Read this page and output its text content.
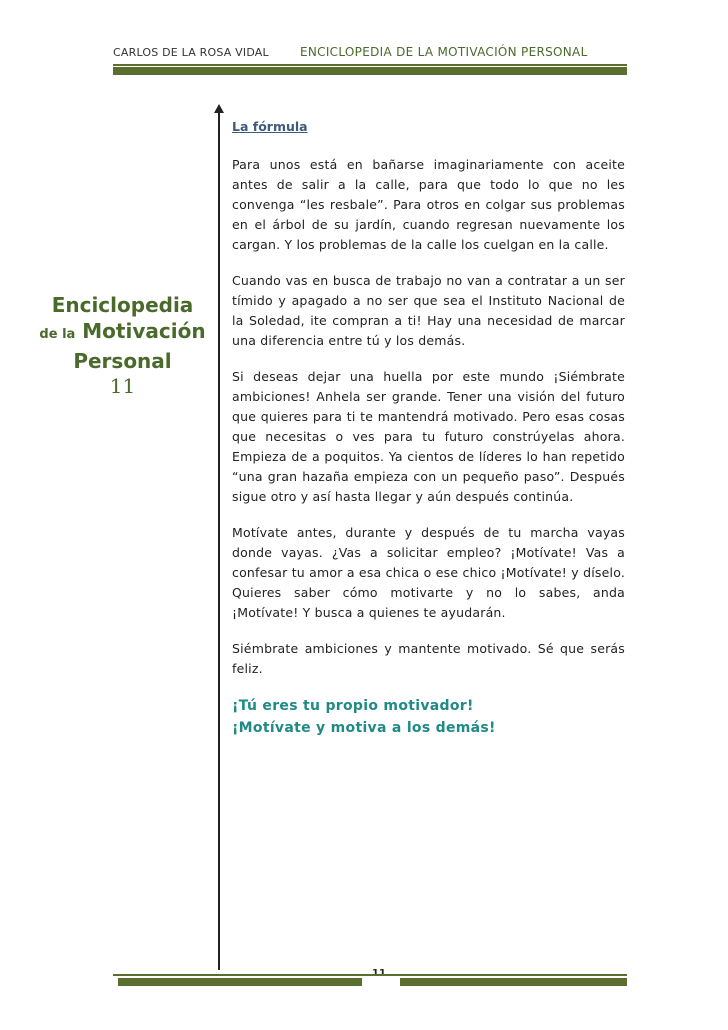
CARLOS DE LA ROSA VIDAL	ENCICLOPEDIA DE LA MOTIVACIÓN PERSONAL
Enciclopedia
de la Motivación
Personal
11
La fórmula

Para unos está en bañarse imaginariamente con aceite antes de salir a la calle, para que todo lo que no les convenga “les resbale”. Para otros en colgar sus problemas en el árbol de su jardín, cuando regresan nuevamente los cargan. Y los problemas de la calle los cuelgan en la calle.

Cuando vas en busca de trabajo no van a contratar a un ser tímido y apagado a no ser que sea el Instituto Nacional de la Soledad, ite compran a ti! Hay una necesidad de marcar una diferencia entre tú y los demás.

Si deseas dejar una huella por este mundo ¡Siémbrate ambiciones! Anhela ser grande. Tener una visión del futuro que quieres para ti te mantendrá motivado. Pero esas cosas que necesitas o ves para tu futuro constrúyelas ahora. Empieza de a poquitos. Ya cientos de líderes lo han repetido “una gran hazaña empieza con un pequeño paso”. Después sigue otro y así hasta llegar y aún después continúa.

Motívate antes, durante y después de tu marcha vayas donde vayas. ¿Vas a solicitar empleo? ¡Motívate! Vas a confesar tu amor a esa chica o ese chico ¡Motívate! y díselo. Quieres saber cómo motivarte y no lo sabes, anda ¡Motívate! Y busca a quienes te ayudarán.

Siémbrate ambiciones y mantente motivado. Sé que serás feliz.

¡Tú eres tu propio motivador!
¡Motívate y motiva a los demás!
